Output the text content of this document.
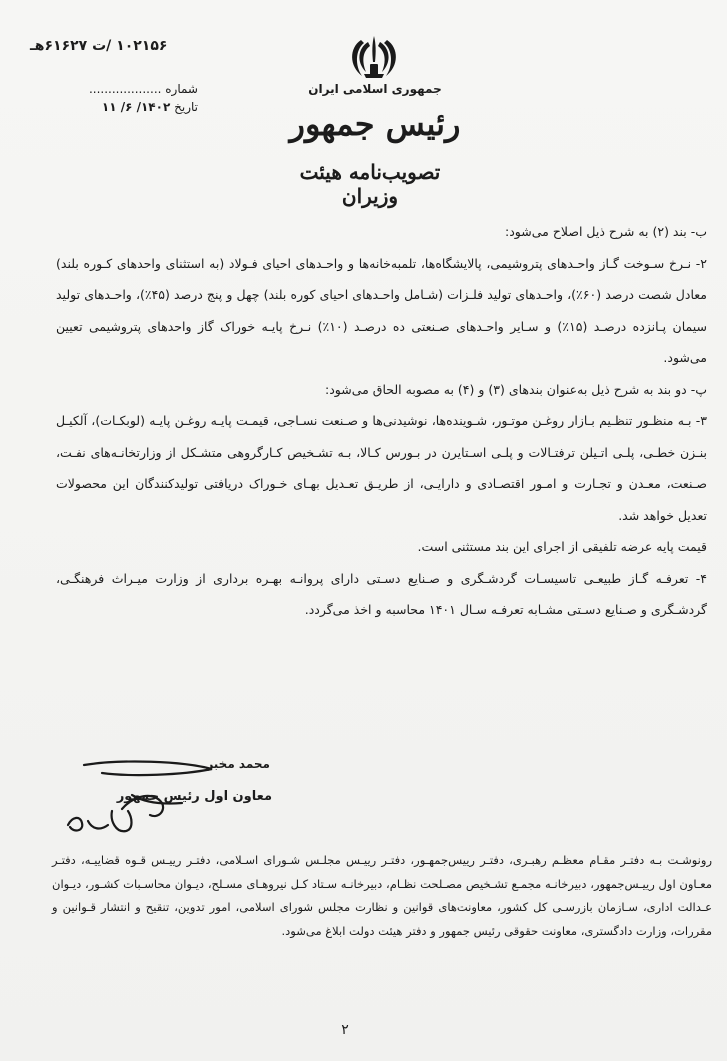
۱۰۲۱۵۶ /ت ۶۱۶۲۷هـ
شماره ...................
تاریخ ۱۴۰۲/ ۶/ ۱۱
جمهوری اسلامی ایران
رئیس جمهور
تصویب‌نامه هیئت وزیران

ب- بند (۲) به شرح ذیل اصلاح می‌شود:

۲- نـرخ سـوخت گـاز واحـدهای پتروشیمی، پالایشگاه‌ها، تلمبه‌خانه‌ها و واحـدهای احیای فـولاد (به استثنای واحدهای کـوره بلند) معادل شصت درصد (۶۰٪)، واحـدهای تولید فلـزات (شـامل واحـدهای احیای کوره بلند) چهل و پنج درصد (۴۵٪)، واحـدهای تولید سیمان پـانزده درصـد (۱۵٪) و سـایر واحـدهای صـنعتی ده درصـد (۱۰٪) نـرخ پایـه خوراک گاز واحدهای پتروشیمی تعیین می‌شود.

پ- دو بند به شرح ذیل به‌عنوان بندهای (۳) و (۴) به مصوبه الحاق می‌شود:

۳- بـه منظـور تنظـیم بـازار روغـن موتـور، شـوینده‌ها، نوشیدنی‌ها و صـنعت نسـاجی، قیمـت پایـه روغـن پایـه (لوبکـات)، آلکیـل بنـزن خطـی، پلـی اتـیلن ترفتـالات و پلـی اسـتایرن در بـورس کـالا، بـه تشـخیص کـارگروهی متشـکل از وزارتخانـه‌های نفـت، صـنعت، معـدن و تجـارت و امـور اقتصـادی و دارایـی، از طریـق تعـدیل بهـای خـوراک دریافتی تولیدکنندگان این محصولات تعدیل خواهد شد.

قیمت پایه عرضه تلفیقی از اجرای این بند مستثنی است.

۴- تعرفـه گـاز طبیعـی تاسیسـات گردشـگری و صـنایع دسـتی دارای پروانـه بهـره برداری از وزارت میـراث فرهنگـی، گردشـگری و صـنایع دسـتی مشـابه تعرفـه سـال ۱۴۰۱ محاسبه و اخذ می‌گردد.

محمد مخبر
معاون اول رئیس جمهور
رونوشـت بـه دفتـر مقـام معظـم رهبـری، دفتـر رییس‌جمهـور، دفتـر رییـس مجلـس شـورای اسـلامی، دفتـر رییـس قـوه قضاییـه، دفتـر معـاون اول رییـس‌جمهور، دبیرخانـه مجمـع تشـخیص مصـلحت نظـام، دبیرخانـه سـتاد کـل نیروهـای مسـلح، دیـوان محاسـبات کشـور، دیـوان عـدالت اداری، سـازمان بازرسـی کل کشور، معاونت‌های قوانین و نظارت مجلس شورای اسلامی، امور تدوین، تنقیح و انتشار قـوانین و مقررات، وزارت دادگستری، معاونت حقوقی رئیس جمهور و دفتر هیئت دولت ابلاغ می‌شود.
۲
